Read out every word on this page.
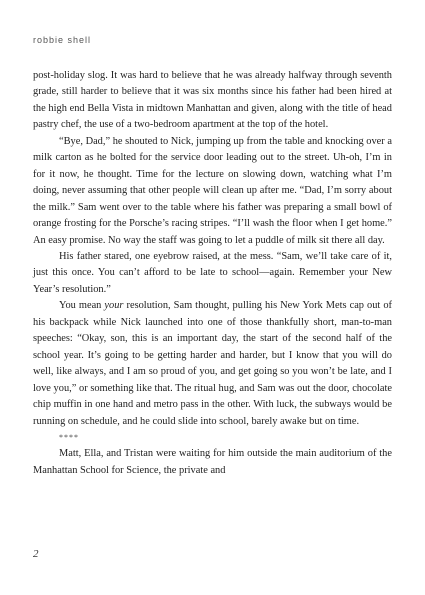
robbie shell

post-holiday slog. It was hard to believe that he was already halfway through seventh grade, still harder to believe that it was six months since his father had been hired at the high end Bella Vista in midtown Manhattan and given, along with the title of head pastry chef, the use of a two-bedroom apartment at the top of the hotel.

“Bye, Dad,” he shouted to Nick, jumping up from the table and knocking over a milk carton as he bolted for the service door leading out to the street. Uh-oh, I’m in for it now, he thought. Time for the lecture on slowing down, watching what I’m doing, never assuming that other people will clean up after me. “Dad, I’m sorry about the milk.” Sam went over to the table where his father was preparing a small bowl of orange frosting for the Porsche’s racing stripes. “I’ll wash the floor when I get home.” An easy promise. No way the staff was going to let a puddle of milk sit there all day.

His father stared, one eyebrow raised, at the mess. “Sam, we’ll take care of it, just this once. You can’t afford to be late to school—again. Remember your New Year’s resolution.”

You mean your resolution, Sam thought, pulling his New York Mets cap out of his backpack while Nick launched into one of those thankfully short, man-to-man speeches: “Okay, son, this is an important day, the start of the second half of the school year. It’s going to be getting harder and harder, but I know that you will do well, like always, and I am so proud of you, and get going so you won’t be late, and I love you,” or something like that. The ritual hug, and Sam was out the door, chocolate chip muffin in one hand and metro pass in the other. With luck, the subways would be running on schedule, and he could slide into school, barely awake but on time.

****

Matt, Ella, and Tristan were waiting for him outside the main auditorium of the Manhattan School for Science, the private and

2
